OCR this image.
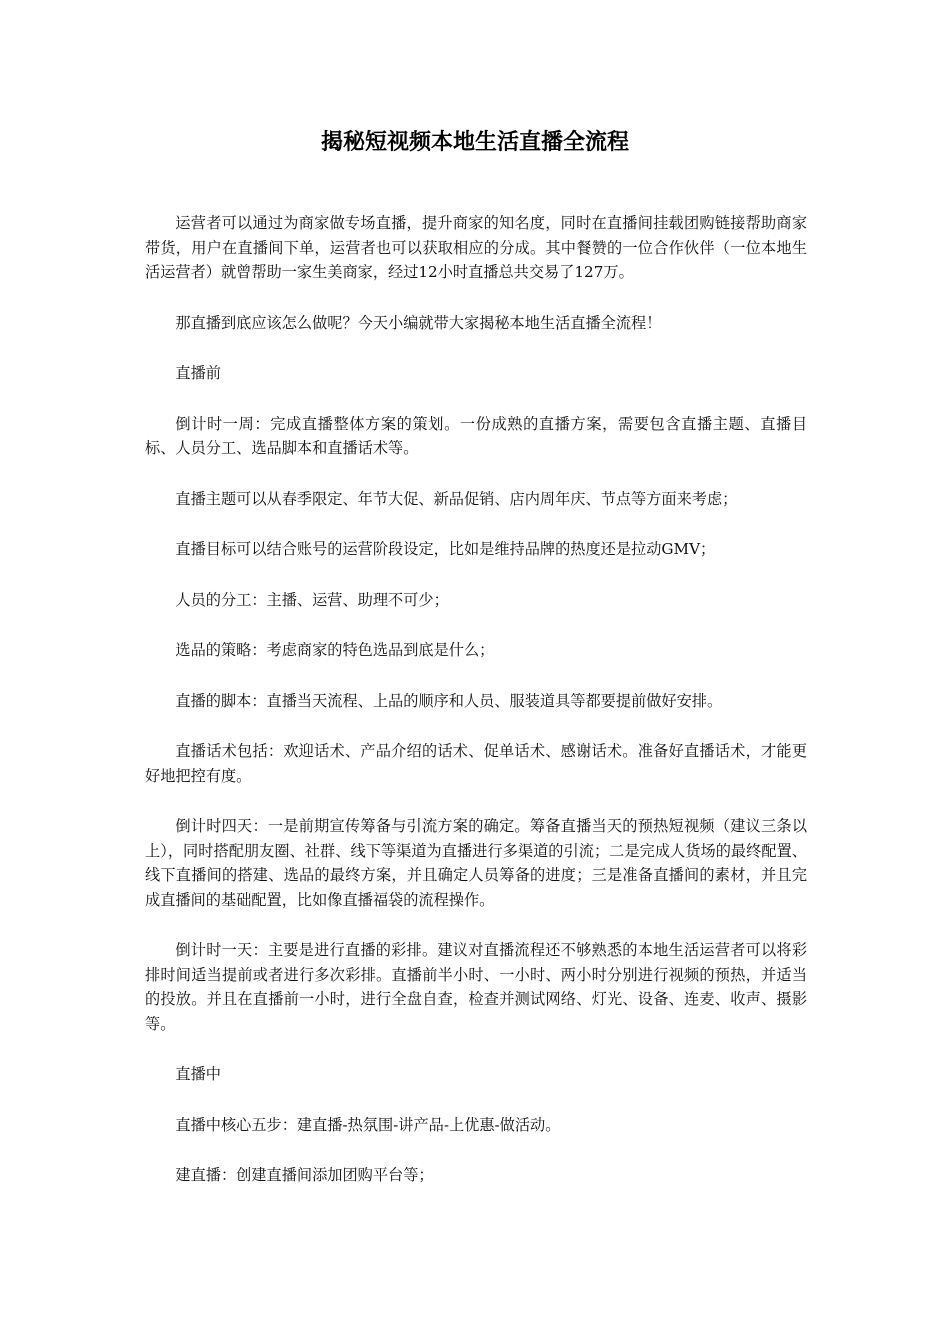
揭秘短视频本地生活直播全流程

运营者可以通过为商家做专场直播，提升商家的知名度，同时在直播间挂载团购链接帮助商家带货，用户在直播间下单，运营者也可以获取相应的分成。其中餐赞的一位合作伙伴（一位本地生活运营者）就曾帮助一家生美商家，经过12小时直播总共交易了127万。

那直播到底应该怎么做呢？今天小编就带大家揭秘本地生活直播全流程！

直播前

倒计时一周：完成直播整体方案的策划。一份成熟的直播方案，需要包含直播主题、直播目标、人员分工、选品脚本和直播话术等。

直播主题可以从春季限定、年节大促、新品促销、店内周年庆、节点等方面来考虑；

直播目标可以结合账号的运营阶段设定，比如是维持品牌的热度还是拉动GMV；

人员的分工：主播、运营、助理不可少；

选品的策略：考虑商家的特色选品到底是什么；

直播的脚本：直播当天流程、上品的顺序和人员、服装道具等都要提前做好安排。

直播话术包括：欢迎话术、产品介绍的话术、促单话术、感谢话术。准备好直播话术，才能更好地把控有度。

倒计时四天：一是前期宣传筹备与引流方案的确定。筹备直播当天的预热短视频（建议三条以上），同时搭配朋友圈、社群、线下等渠道为直播进行多渠道的引流；二是完成人货场的最终配置、线下直播间的搭建、选品的最终方案，并且确定人员筹备的进度；三是准备直播间的素材，并且完成直播间的基础配置，比如像直播福袋的流程操作。

倒计时一天：主要是进行直播的彩排。建议对直播流程还不够熟悉的本地生活运营者可以将彩排时间适当提前或者进行多次彩排。直播前半小时、一小时、两小时分别进行视频的预热，并适当的投放。并且在直播前一小时，进行全盘自查，检查并测试网络、灯光、设备、连麦、收声、摄影等。

直播中

直播中核心五步：建直播-热氛围-讲产品-上优惠-做活动。

建直播：创建直播间添加团购平台等；
